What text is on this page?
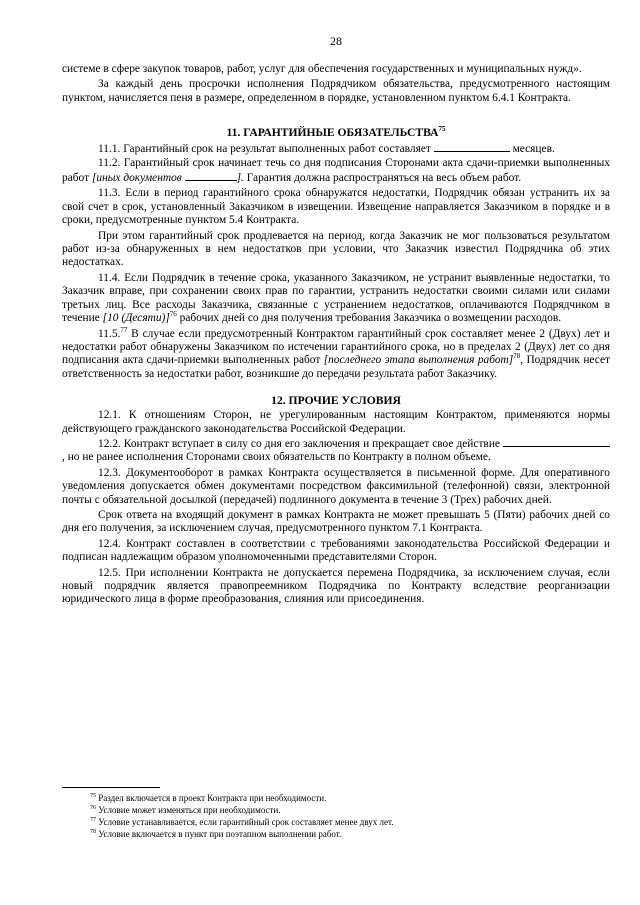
28

системе в сфере закупок товаров, работ, услуг для обеспечения государственных и муниципальных нужд».

За каждый день просрочки исполнения Подрядчиком обязательства, предусмотренного настоящим пунктом, начисляется пеня в размере, определенном в порядке, установленном пунктом 6.4.1 Контракта.

11. ГАРАНТИЙНЫЕ ОБЯЗАТЕЛЬСТВА$^{75}$

11.1. Гарантийный срок на результат выполненных работ составляет	месяцев.

11.2. Гарантийный срок начинает течь со дня подписания Сторонами акта сдачи-приемки выполненных работ [иных документов	]. Гарантия должна распространяться на весь объем работ.

11.3. Если в период гарантийного срока обнаружатся недостатки, Подрядчик обязан устранить их за свой счет в срок, установленный Заказчиком в извещении. Извещение направляется Заказчиком в порядке и в сроки, предусмотренные пунктом 5.4 Контракта.

При этом гарантийный срок продлевается на период, когда Заказчик не мог пользоваться результатом работ из-за обнаруженных в нем недостатков при условии, что Заказчик известил Подрядчика об этих недостатках.

11.4. Если Подрядчик в течение срока, указанного Заказчиком, не устранит выявленные недостатки, то Заказчик вправе, при сохранении своих прав по гарантии, устранить недостатки своими силами или силами третьих лиц. Все расходы Заказчика, связанные с устранением недостатков, оплачиваются Подрядчиком в течение [10 (Десяти)]$^{76}$ рабочих дней со дня получения требования Заказчика о возмещении расходов.

11.5.77 В случае если предусмотренный Контрактом гарантийный срок составляет менее 2 (Двух) лет и недостатки работ обнаружены Заказчиком по истечении гарантийного срока, но в пределах 2 (Двух) лет со дня подписания акта сдачи-приемки выполненных работ [последнего этапа выполнения работ]$^{78}$, Подрядчик несет ответственность за недостатки работ, возникшие до передачи результата работ Заказчику.

12. ПРОЧИЕ УСЛОВИЯ

12.1. К отношениям Сторон, не урегулированным настоящим Контрактом, применяются нормы действующего гражданского законодательства Российской Федерации.

12.2. Контракт вступает в силу со дня его заключения и прекращает свое действие , но не ранее исполнения Сторонами своих обязательств по Контракту в полном объеме.

12.3. Документооборот в рамках Контракта осуществляется в письменной форме. Для оперативного уведомления допускается обмен документами посредством факсимильной (телефонной) связи, электронной почты с обязательной досылкой (передачей) подлинного документа в течение 3 (Трех) рабочих дней.

Срок ответа на входящий документ в рамках Контракта не может превышать 5 (Пяти) рабочих дней со дня его получения, за исключением случая, предусмотренного пунктом 7.1 Контракта.

12.4. Контракт составлен в соответствии с требованиями законодательства Российской Федерации и подписан надлежащим образом уполномоченными представителями Сторон.

12.5. При исполнении Контракта не допускается перемена Подрядчика, за исключением случая, если новый подрядчик является правопреемником Подрядчика по Контракту вследствие реорганизации юридического лица в форме преобразования, слияния или присоединения.

$^{75}$ Раздел включается в проект Контракта при необходимости.
$^{76}$ Условие может изменяться при необходимости.
$^{77}$ Условие устанавливается, если гарантийный срок составляет менее двух лет.
$^{78}$ Условие включается в пункт при поэтапном выполнении работ.
